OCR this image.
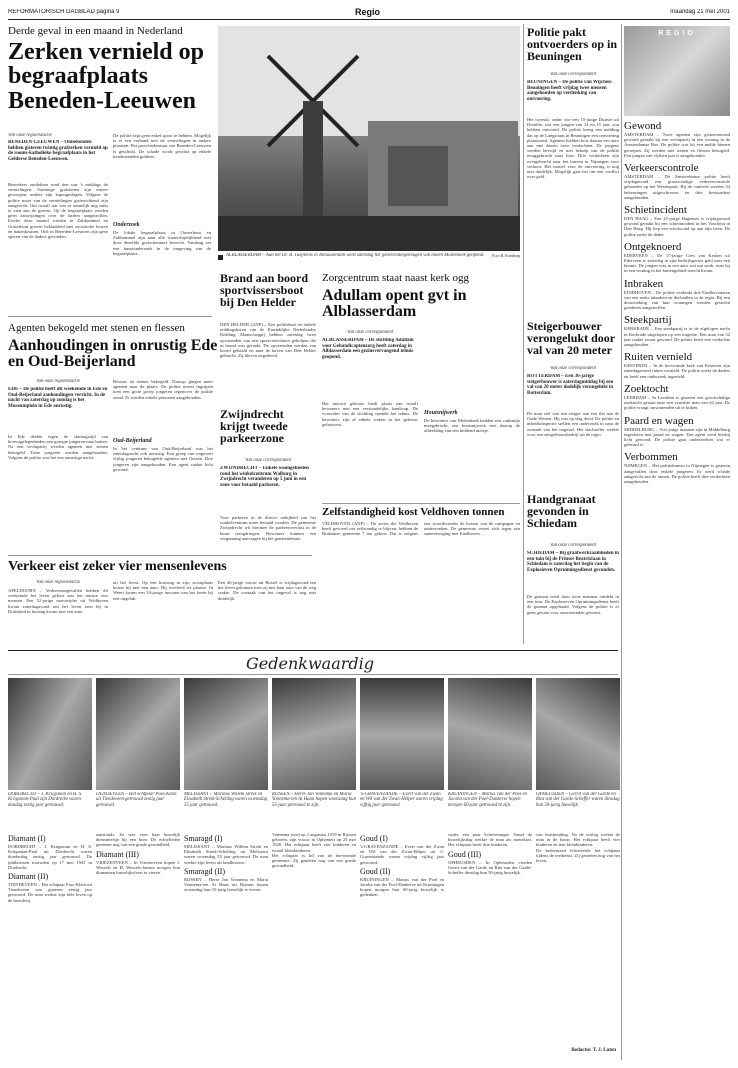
REFORMATORISCH DAGBLAD pagina 9	Regio	maandag 21 mei 2001
Derde geval in een maand in Nederland
Zerken vernield op begraafplaats Beneden-Leeuwen
Van onze regioredactie
BENEDEN-LEEUWEN – Onbekenden hebben gisteren twintig grafzerken vernield op de rooms-katholieke begraafplaats in het Gelderse Beneden-Leeuwen.
Bezoekers ontdekten rond tien uur 's middags de vernielingen. Sommige grafstenen zijn omver geworpen, andere zijn kapotgeslagen. Volgens de politie moet van de vernielingen gisterochtend zijn aangericht. Om twaalf uur was er namelijk nog niets te zien aan de graven. Op de begraafplaats werden geen aanwijzingen over de daders aangetroffen. Eerder deze maand werden in Zaltbommel en Oosterhout graven bekladderd met racistische leuzen en hakenkruisen. Ook in Beneden-Leeuwen zijn geen sporen van de daders gevonden.
De politie zegt geen enkel spoor te hebben. Mogelijk is er een verband met de vernielingen in andere plaatsen. Het parochiebestuur van Beneden-Leeuwen is geschokt. De schade wordt geschat op enkele tienduizenden guldens.
Onderzoek
De lokale begraafplaats in Oosterhout en Zaltbommel zijn naar alle waarschijnlijkheid niet door dezelfde grafschenners bezocht. Vandaag zet een buurtonderzoek in de omgeving van de begraafplaats.	ALBLASSERDAM – Aan het Dr. B. Tuepleins in Alblasserdam werd zaterdag het genereratiegeheugen van molen Molenhoek geopend.	Foto B. Kamburg
Politie pakt ontvoerders op in Beuningen
Van onze correspondent
BEUNINGEN – De politie van Wijchen-Beuningen heeft vrijdag twee mensen aangehouden op verdenking van ontvoering.
Het tweetal, onder wie een 15-jarige Duitser uit Drenthe, zou een jongen van 14 en 15 jaar, zou hebben ontvoerd. De politie kreeg een melding dat op de Langstraat in Beuningen een ontvoering plaatsvond. Agenten hielden kort daarna een auto aan met daarin twee verdachten. De jongens werden bevrijd en met behulp van de politie teruggebracht naar huis. Drie verdachten zijn overgebracht naar het bureau in Nijmegen voor verhoor. Het motief voor de ontvoering is nog niet duidelijk. Mogelijk gaat het om een conflict over geld.
Steigerbouwer verongelukt door val van 20 meter
Van onze correspondent
ROTTERDAM – Een 36-jarige steigerbouwer is zaterdagmiddag bij een val van 20 meter dodelijk verongelukt in Rotterdam.
De man viel van een steiger aan een flat aan de Oude Westen. Hij was op slag dood. De politie en arbeidsinspectie stellen een onderzoek in naar de oorzaak van het ongeval. Het slachtoffer werkte voor een steigerbouwbedrijf uit de regio.
Handgranaat gevonden in Schiedam
Van onze correspondent
SCHIEDAM – Bij graafwerkzaamheden in een tuin bij de Prinses Beatrixlaan in Schiedam is zaterdag het begin van de Explosieven Opruimingsdienst gevonden.
De granaat werd door twee mannen ontdekt in een tuin. De Explosieven Opruimingsdienst heeft de granaat opgehaald. Volgens de politie is er geen gevaar voor omwonenden geweest.
REGIO
Gewond
AMSTERDAM – Twee agenten zijn gisterenavond gewond geraakt bij een vechtpartij in een woning in de Amsterdamse Bos. De politie was bij een melde binnen geroepen. Zij werden met stenen en flessen bekogeld. Een jongen van vijftien jaar is aangehouden.
Verkeerscontrole
AMSTERDAM – De Amsterdamse politie heeft vrijdagavond een grootschalige verkeerscontrole gehouden op het Westerpark. Bij de controle werden 34 bekeuringen uitgeschreven en drie bestuurders aangehouden.
Schietincident
DEN HAAG – Een 25-jarige Hagenaar is vrijdagavond gewond geraakt bij een schietincident in het Voorhout in Den Haag. Hij liep een schotwond op aan zijn been. De politie zoekt de dader.
Ontgeknoerd
EDERVEEN – De 17-jarige Cees van Keulen uit Ederveen is zaterdag in zijn bedrijfsgerust geld naar een kennis. De jongen was in een auto wat nat werk, toen hij in een woning in het buitengebied terecht kwam.
Inbraken
EINDHOVEN – De politie verdenkt drie Eindhovenaren van een reeks inbraken en diefstallen in de regio. Bij een doorzoeking van hun woningen werden gestolen goederen aangetroffen.
Steekpartij
KERKRADE – Een steekpartij is in de afgelopen nacht in Kerkrade uitgelopen op een tragedie. Een man van 32 jaar raakte zwaar gewond. De politie heeft een verdachte aangehouden.
Ruiten vernield
KESTEREN – In de hervormde kerk van Kesteren zijn zaterdagavond ruiten vernield. De politie zoekt de daders en heeft een onderzoek ingesteld.
Zoektocht
LEERDAM – In Leerdam is gisteren een grootschalige zoektocht gestart naar een vermiste man van 64 jaar. De politie vraagt omwonenden uit te kijken.
Paard en wagen
MIDDELBURG – Vier jonge mannen zijn in Middelburg ingesloten met paard en wagen. Een agent werd hierbij licht gewond. De politie gaat onderzoeken wat er gebeurd is.
Verbommen
NIJMEGEN – Het politiebureau in Nijmegen is gisteren aangevallen door enkele jongeren. Er werd schade aangericht aan de ramen. De politie heeft drie verdachten aangehouden.
Agenten bekogeld met stenen en flessen
Aanhoudingen in onrustig Ede en Oud-Beijerland
Van onze regioredactie
EDE – De politie heeft dit weekeinde in Ede en Oud-Beijerland aanhoudingen verricht. In de nacht van zaterdag op zondag is het Museumplein in Ede onrustig.
In Ede deelde tegen de sluitingstijd van horecagelegenheden een groepje jongeren naar buiten. Na een vechtpartij werden agenten met stenen bekogeld. Twee jongeren werden aangehouden. Volgens de politie was het een onrustige nacht.
Bewust en stenen bekogeld. Daarop gingen meer agenten naar de plaats. De politie moest ingrijpen toen een grote groep jongeren tegenover de politie stond. Er werden enkele personen aangehouden.
Oud-Beijerland
In het centrum van Oud-Beijerland was het zaterdagnacht ook onrustig. Een groep van ongeveer vijftig jongeren bekogelde agenten met flessen. Drie jongeren zijn aangehouden. Een agent raakte licht gewond.
Brand aan boord sportvissersboot bij Den Helder
DEN HELDER (ANP) – Een politieboot en enkele reddingsboten van de Koninklijke Nederlandse Redding Maatschappij hebben zaterdag twee opvarenden van een sportvissersboot geholpen die in brand was geraakt. De opvarenden werden van boord gehaald en naar de haven van Den Helder gebracht. Zij bleven ongedeerd.
Zwijndrecht krijgt tweede parkeerzone
Van onze correspondent
ZWIJNDRECHT – Enkele woongebieden rond het winkelcentrum Walburg in Zwijndrecht veranderen op 5 juni in een zone voor betaald parkeren.
Voor parkeren in de directe nabijheid van het winkelcentrum moet betaald worden. De gemeente Zwijndrecht wil hiermee de parkeeroverlast in de buurt terugdringen. Bewoners kunnen een vergunning aanvragen bij het gemeentehuis.
Zorgcentrum staat naast kerk ogg
Adullam opent gvt in Alblasserdam
Van onze correspondent
ALBLASSERDAM – De stichting Adullam voor Gehandicaptenzorg heeft zaterdag in Alblasserdam een gezinsvervangend tehuis geopend.
Het nieuwe gebouw biedt plaats aan twaalf bewoners met een verstandelijke handicap. De voorzitter van de stichting opende het tehuis. De bewoners zijn al enkele weken in het gebouw gehuisvest.
Houtsnijwerk
De bewoners van Molenhoek hadden een cadeautje meegebracht, een houtsnijwerk met daarop de afbeelding van een biddend meisje.
Zelfstandigheid kost Veldhoven tonnen
VELDHOVEN (ANP) – De acties die Veldhoven heeft gevoerd om zelfstandig te blijven, hebben de Brabantse gemeente 7 ton gekost. Dat is volgens een woordvoerder de kosten van de campagne en onderzoeken. De gemeente verzet zich tegen een samenvoeging met Eindhoven.
Verkeer eist zeker vier mensenlevens
Van onze regioredactie
APELDOORN – Verkeersongevallen hebben dit weekeinde het leven gekost aan ten minste vier mensen. Een 52-jarige motorrijder uit Veldhoven kwam zaterdagavond om het leven toen hij in Duitsland in botsing kwam met een auto.
uit het leven. Op een kruising in zijn woonplaats botste hij met een auto. Hij overleed ter plaatse. In Weert kwam een 34-jarige inwoner van het leven bij een ongeluk.
Een 46-jarige vrouw uit Boxtel is vrijdagavond om het leven gekomen toen zij met haar auto van de weg raakte. De oorzaak van het ongeval is nog niet duidelijk.
Gedenkwaardig
DORDRECHT – J. Kriigsman en H. S. Kriigsman-Paul zijn Dordrecht waren dondag zestig jaar getrouwd.
IJENDEVEEN – Het echtpaar Pass-Klein uit Tiendeveen getrouwd zestig jaar getrouwd.
MELISSANT – Marinus Willem Streik en Elisabeth Streik-Schelling waren woensdag 55 jaar getrouwd.
RIJSSEN – Herre Jan Vonnema en Maria Vonnema-ten Ai Haan hopen woensdag hun 55-jaar getrouwd te zijn.
's-GRAVENZANDE – Evert van der Zwan en Wil van der Zwan-Helper waren vrijdag vijftig jaar getrouwd.
KRUININGEN – Marius van der Poel en Jacoba van der Poel-Dankerse hopen morgen 60-jaar getrouwd te zijn.
OPHEUSDEN – Gerrit van der Garde en Rita van der Garde-Scheffer waren dinsdag hun 50-jarig huwelijk.
Diamant (I)
DORDRECHT – J. Kriigsman en H. S. Kriigsman-Paul uit Dordrecht waren donderdag zestig jaar getrouwd. De jubilarissen trouwden op 17 mei 1941 in Dordrecht.
Diamant (II)
TIENDEVEEN – Het echtpaar Pass-Klein uit Tiendeveen was gisteren zestig jaar getrouwd. De man werkte zijn hele leven op de boerderij.
aanstonds. Ze was voor haar huwelijk dienstmeisje bij een boer. De echtelieden genieten nog van een goede gezondheid.
Diamant (III)
VRIEZENVEEN – In Vriezenveen hopen J. Wessels en H. Wessels-Jansen morgen hun diamanten huwelijksfeest te vieren.
Smaragd (I)
MELISSANT – Marinus Willem Streik en Elisabeth Streik-Schelling uit Melissant waren woensdag 55 jaar getrouwd. De man werkte zijn leven als landbouwer.
Smaragd (II)
RIJSSEN – Herre Jan Vonnema en Maria Vonnema-ten Ai Haan uit Rijssen hopen woensdag hun 55-jarig huwelijk te vieren.
Vonnema werd op 2 augustus 1919 in Rijssen geboren, zijn vrouw in Ophemert op 23 mei 1920. Het echtpaar heeft vier kinderen en twaalf kleinkinderen.
Het echtpaar is lid van de hervormde gemeente. Zij genieten nog van een goede gezondheid.
Goud (I)
's-GRAVENZANDE – Evert van der Zwan en Wil van der Zwan-Helper uit 's-Gravenzande waren vrijdag vijftig jaar getrouwd.
Goud (II)
KRUININGEN – Marius van der Poel en Jacoba van der Poel-Dankerse uit Kruiningen hopen morgen hun 60-jarig huwelijk te gedenken.
vader, een paar Scheveninger. Vanaf de huwelijksdag werkte de man als metselaar. Het echtpaar heeft drie kinderen.
Goud (III)
OPHEUSDEN – In Opheusden vierden Gerrit van der Garde en Rita van der Garde-Scheffer dinsdag hun 50-jarig huwelijk.
van huishouding. Na de oorlog werkte de man in de bouw. Het echtpaar heeft vier kinderen en tien kleinkinderen.
De kerkenraad feliciteerde het echtpaar tijdens de eredienst. Zij genieten nog van het leven.
Redactie: T. J. Luten
